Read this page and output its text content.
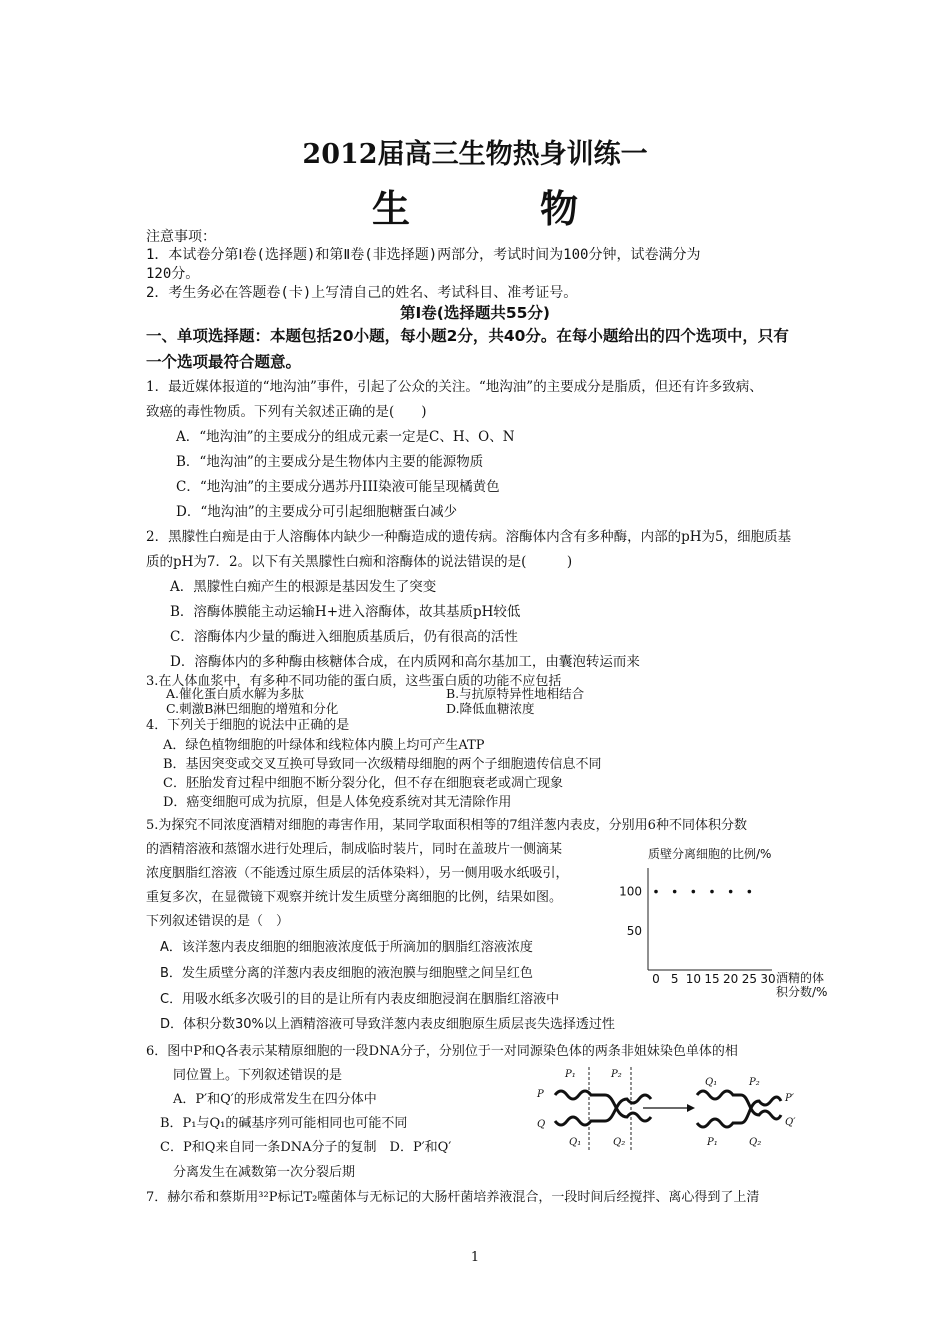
2012届高三生物热身训练一
生　物
注意事项：
1．本试卷分第Ⅰ卷(选择题)和第Ⅱ卷(非选择题)两部分，考试时间为100分钟，试卷满分为
120分。
2．考生务必在答题卷(卡)上写清自己的姓名、考试科目、准考证号。
第Ⅰ卷(选择题共55分)
一、单项选择题：本题包括20小题，每小题2分，共40分。在每小题给出的四个选项中，只有
一个选项最符合题意。
1．最近媒体报道的“地沟油”事件，引起了公众的关注。“地沟油”的主要成分是脂质，但还有许多致病、
致癌的毒性物质。下列有关叙述正确的是(　　)
A．“地沟油”的主要成分的组成元素一定是C、H、O、N
B．“地沟油”的主要成分是生物体内主要的能源物质
C．“地沟油”的主要成分遇苏丹III染液可能呈现橘黄色
D．“地沟油”的主要成分可引起细胞糖蛋白减少
2．黑朦性白痴是由于人溶酶体内缺少一种酶造成的遗传病。溶酶体内含有多种酶，内部的pH为5，细胞质基
质的pH为7．2。以下有关黑朦性白痴和溶酶体的说法错误的是(　　　)
A．黑朦性白痴产生的根源是基因发生了突变
B．溶酶体膜能主动运输H+进入溶酶体，故其基质pH较低
C．溶酶体内少量的酶进入细胞质基质后，仍有很高的活性
D．溶酶体内的多种酶由核糖体合成，在内质网和高尔基加工，由囊泡转运而来
3.在人体血浆中，有多种不同功能的蛋白质，这些蛋白质的功能不应包括
A.催化蛋白质水解为多肽	B.与抗原特异性地相结合
C.刺激B淋巴细胞的增殖和分化	D.降低血糖浓度
4．下列关于细胞的说法中正确的是
A．绿色植物细胞的叶绿体和线粒体内膜上均可产生ATP
B．基因突变或交叉互换可导致同一次级精母细胞的两个子细胞遗传信息不同
C．胚胎发育过程中细胞不断分裂分化，但不存在细胞衰老或凋亡现象
D．癌变细胞可成为抗原，但是人体免疫系统对其无清除作用
5.为探究不同浓度酒精对细胞的毒害作用，某同学取面积相等的7组洋葱内表皮，分别用6种不同体积分数
的酒精溶液和蒸馏水进行处理后，制成临时装片，同时在盖玻片一侧滴某
浓度胭脂红溶液（不能透过原生质层的活体染料），另一侧用吸水纸吸引，
重复多次，在显微镜下观察并统计发生质壁分离细胞的比例，结果如图。
下列叙述错误的是（　）
A．该洋葱内表皮细胞的细胞液浓度低于所滴加的胭脂红溶液浓度
B．发生质壁分离的洋葱内表皮细胞的液泡膜与细胞壁之间呈红色
C．用吸水纸多次吸引的目的是让所有内表皮细胞浸润在胭脂红溶液中
D．体积分数30%以上酒精溶液可导致洋葱内表皮细胞原生质层丧失选择透过性
质壁分离细胞的比例/%
0 5 10 15 20 25 30
50
100
酒精的体
积分数/%
6．图中P和Q各表示某精原细胞的一段DNA分子，分别位于一对同源染色体的两条非姐妹染色单体的相
同位置上。下列叙述错误的是
A．P′和Q′的形成常发生在四分体中
B．P₁与Q₁的碱基序列可能相同也可能不同
C．P和Q来自同一条DNA分子的复制　D．P′和Q′
分离发生在减数第一次分裂后期
P₁	P₂
Q₁	Q₂
P
Q
Q₁	P₂
P₁	Q₂
P′
Q′
7．赫尔希和蔡斯用³²P标记T₂噬菌体与无标记的大肠杆菌培养液混合，一段时间后经搅拌、离心得到了上清
1
